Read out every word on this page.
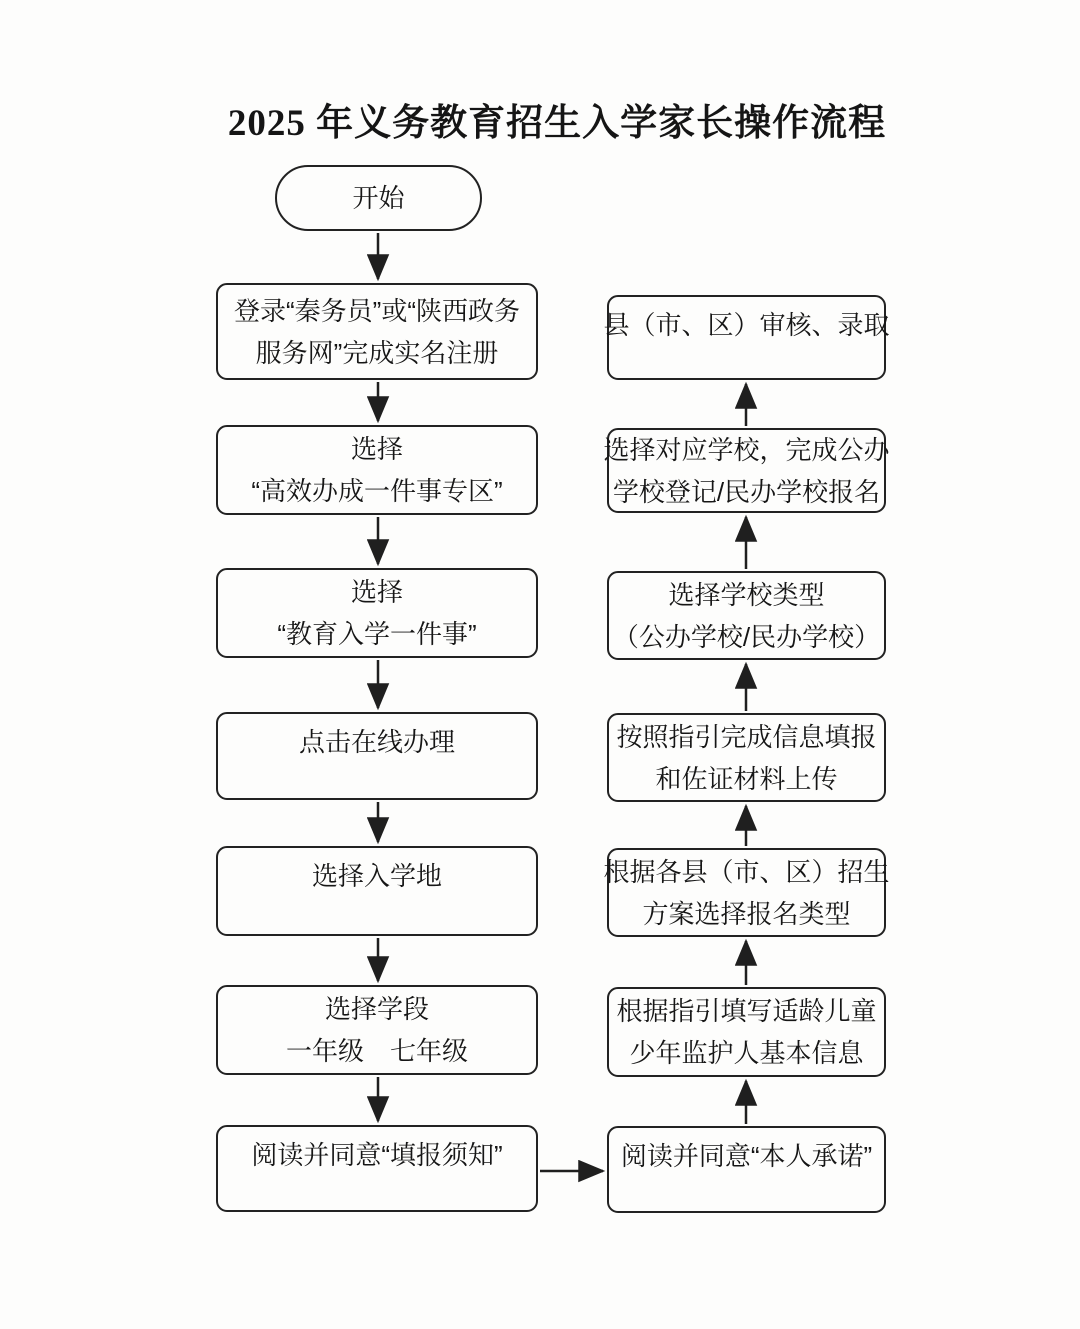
2025 年义务教育招生入学家长操作流程
开始
登录“秦务员”或“陕西政务
服务网”完成实名注册
选择
“高效办成一件事专区”
选择
“教育入学一件事”
点击在线办理
选择入学地
选择学段
一年级　七年级
阅读并同意“填报须知”
县（市、区）审核、录取
选择对应学校，完成公办
学校登记/民办学校报名
选择学校类型
（公办学校/民办学校）
按照指引完成信息填报
和佐证材料上传
根据各县（市、区）招生
方案选择报名类型
根据指引填写适龄儿童
少年监护人基本信息
阅读并同意“本人承诺”
